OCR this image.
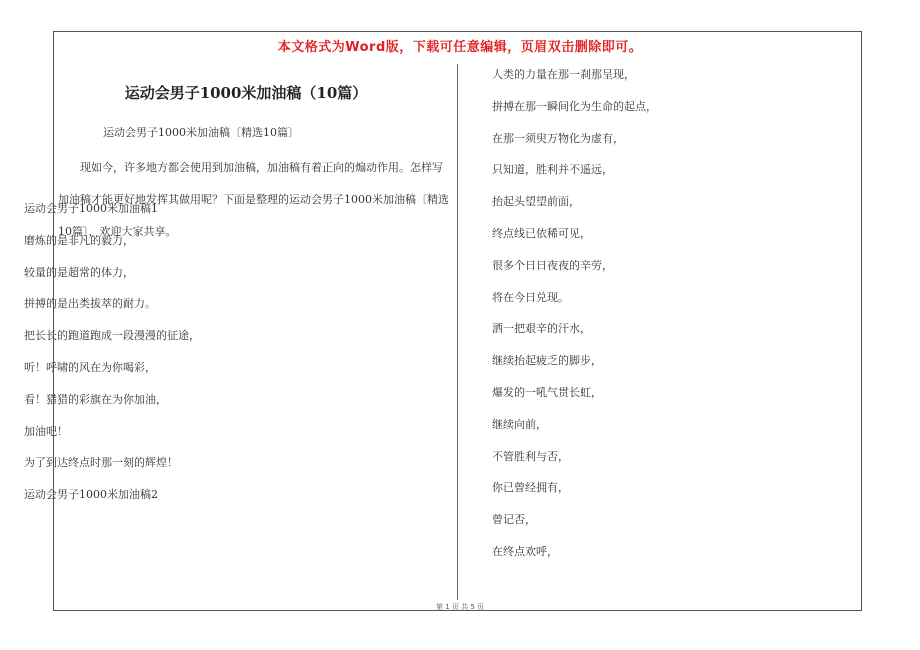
本文格式为Word版，下载可任意编辑，页眉双击删除即可。
运动会男子1000米加油稿（10篇）
运动会男子1000米加油稿〔精选10篇〕
现如今，许多地方都会使用到加油稿，加油稿有着正向的煽动作用。怎样写加油稿才能更好地发挥其做用呢？下面是整理的运动会男子1000米加油稿〔精选10篇〕，欢迎大家共享。
运动会男子1000米加油稿1
磨炼的是非凡的毅力，
较量的是超常的体力，
拼搏的是出类拔萃的耐力。
把长长的跑道跑成一段漫漫的征途，
听！呼啸的风在为你喝彩，
看！猎猎的彩旗在为你加油，
加油吧！
为了到达终点时那一刻的辉煌！
运动会男子1000米加油稿2
人类的力量在那一刹那呈现，
拼搏在那一瞬间化为生命的起点，
在那一须臾万物化为虚有，
只知道，胜利并不遥远，
抬起头望望前面，
终点线已依稀可见，
很多个日日夜夜的辛劳，
将在今日兑现。
洒一把艰辛的汗水，
继续抬起疲乏的脚步，
爆发的一吼气贯长虹，
继续向前，
不管胜利与否，
你已曾经拥有，
曾记否，
在终点欢呼，
第 1 页 共 5 页
